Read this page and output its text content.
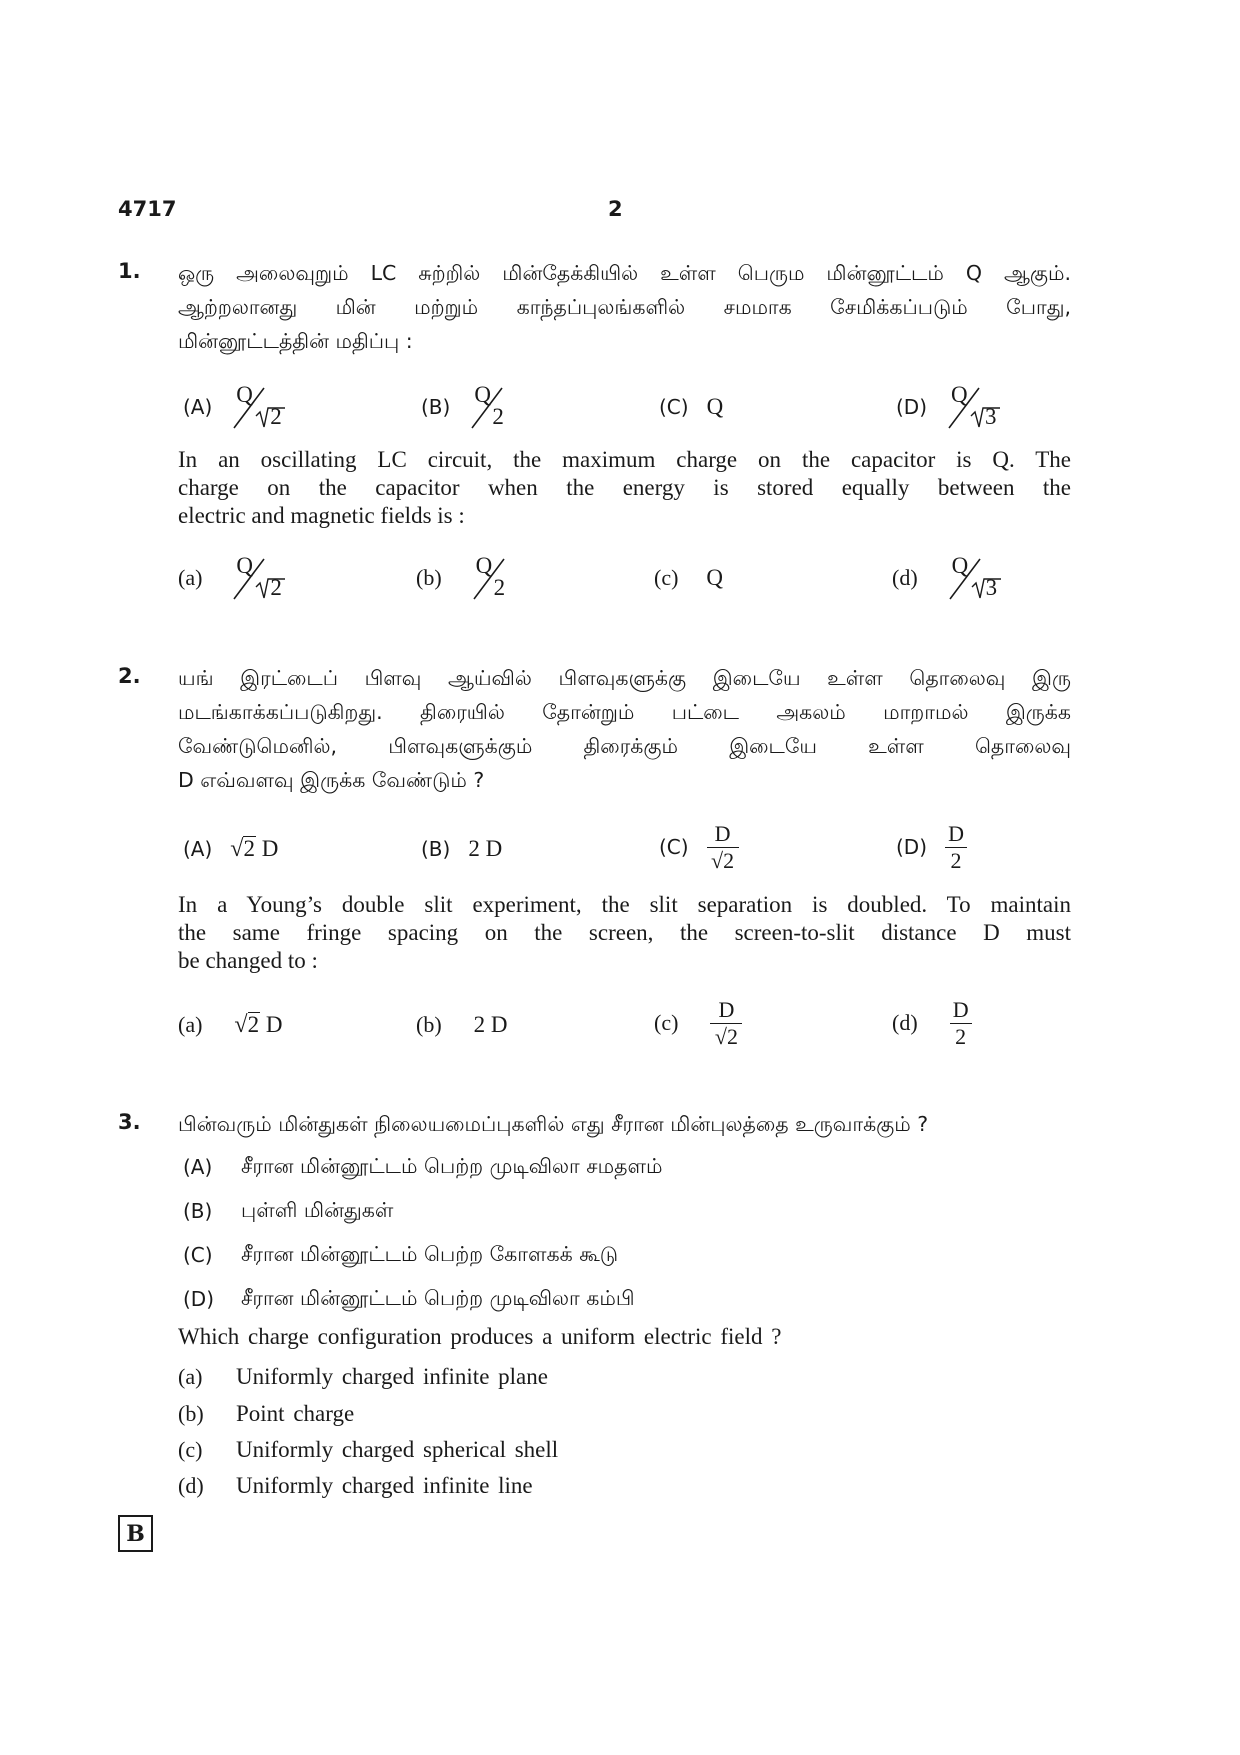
4717	2
1. ஒரு அலைவுறும் LC சுற்றில் மின்தேக்கியில் உள்ள பெரும மின்னூட்டம் Q ஆகும்.
ஆற்றலானது மின் மற்றும் காந்தப்புலங்களில் சமமாக சேமிக்கப்படும் போது,
மின்னூட்டத்தின் மதிப்பு :
(A) Q
2	(B) Q
2	(C) Q	(D) Q
3
In an oscillating LC circuit, the maximum charge on the capacitor is Q. The
charge on the capacitor when the energy is stored equally between the
electric and magnetic fields is :
(a) Q
2	(b) Q
2	(c) Q	(d) Q
3
2. யங் இரட்டைப் பிளவு ஆய்வில் பிளவுகளுக்கு இடையே உள்ள தொலைவு இரு
மடங்காக்கப்படுகிறது. திரையில் தோன்றும் பட்டை அகலம் மாறாமல் இருக்க
வேண்டுமெனில், பிளவுகளுக்கும் திரைக்கும் இடையே உள்ள தொலைவு
D எவ்வளவு இருக்க வேண்டும் ?
(A) √ 2
D	(B) 2 D	(C)
D
√2
(D)
D
2
In a Young’s double slit experiment, the slit separation is doubled. To maintain
the same fringe spacing on the screen, the screen-to-slit distance D must
be changed to :
(a) √ 2
D	(b) 2 D	(c)
D
√2
(d)
D
2
3. பின்வரும் மின்துகள் நிலையமைப்புகளில் எது சீரான மின்புலத்தை உருவாக்கும் ?
(A)	சீரான மின்னூட்டம் பெற்ற முடிவிலா சமதளம்
(B)	புள்ளி மின்துகள்
(C)	சீரான மின்னூட்டம் பெற்ற கோளகக் கூடு
(D)	சீரான மின்னூட்டம் பெற்ற முடிவிலா கம்பி
Which charge configuration produces a uniform electric field ?
(a)	Uniformly charged infinite plane
(b)	Point charge
(c)	Uniformly charged spherical shell
(d)	Uniformly charged infinite line
B
